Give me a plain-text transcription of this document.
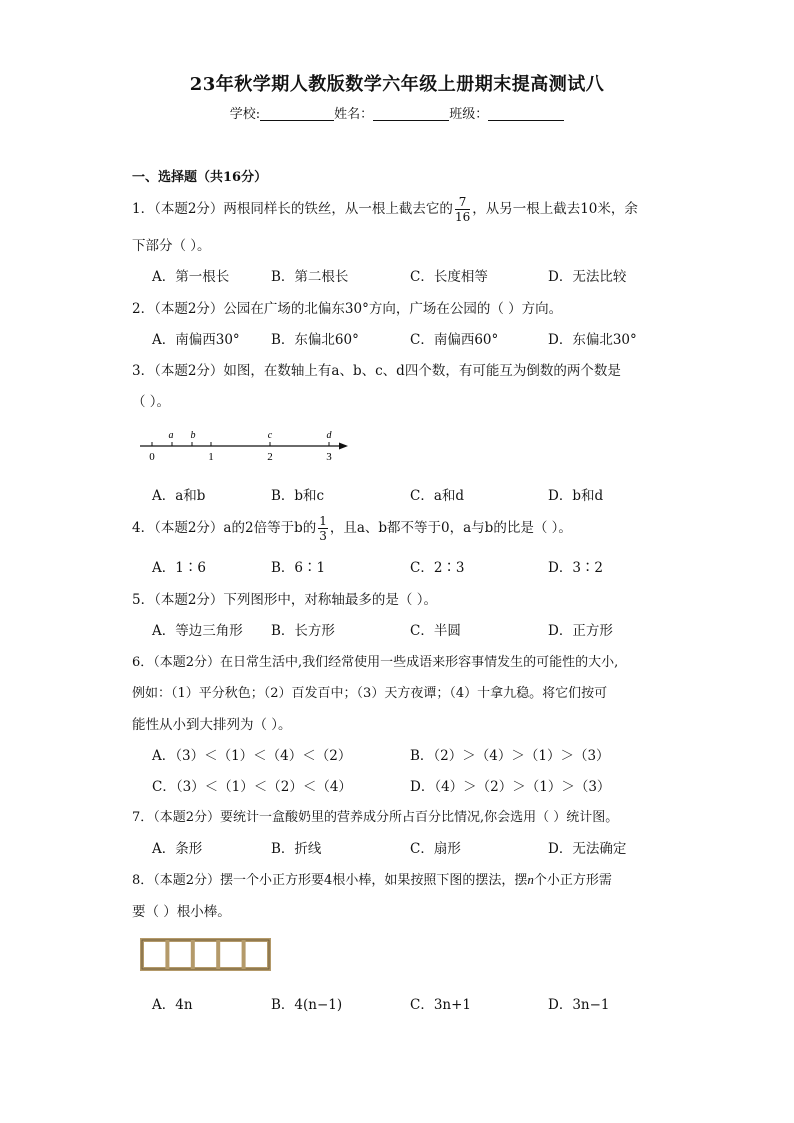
23年秋学期人教版数学六年级上册期末提高测试八
学校:	姓名：	班级：
一、选择题（共16分）
1．（本题2分）两根同样长的铁丝，从一根上截去它的 $\frac{7}{16}$ ，从另一根上截去10米，余
下部分（ ）。
A．第一根长	B．第二根长	C．长度相等	D．无法比较
2．（本题2分）公园在广场的北偏东30°方向，广场在公园的（ ）方向。
A．南偏西30° B．东偏北60°	C．南偏西60°	D．东偏北30°
3．（本题2分）如图，在数轴上有a、b、c、d四个数，有可能互为倒数的两个数是
（ ）。
a b	c	d
0	1	2	3
A．a和b	B．b和c	C．a和d	D．b和d
4．（本题2分）a的2倍等于b的 $\frac{1}{3}$ ，且a、b都不等于0，a与b的比是（ ）。
A．1∶6	B．6∶1	C．2∶3	D．3∶2
5．（本题2分）下列图形中，对称轴最多的是（ ）。
A．等边三角形 B．长方形	C．半圆	D．正方形
6．（本题2分）在日常生活中,我们经常使用一些成语来形容事情发生的可能性的大小,
例如：（1）平分秋色；（2）百发百中；（3）天方夜谭；（4）十拿九稳。将它们按可
能性从小到大排列为（ ）。
A．（3）＜（1）＜（4）＜（2）	B．（2）＞（4）＞（1）＞（3）
C．（3）＜（1）＜（2）＜（4）	D．（4）＞（2）＞（1）＞（3）
7．（本题2分）要统计一盒酸奶里的营养成分所占百分比情况,你会选用（ ）统计图。
A．条形	B．折线	C．扇形	D．无法确定
8．（本题2分）摆一个小正方形要4根小棒，如果按照下图的摆法，摆n个小正方形需
要（ ）根小棒。
A．4n	B．4(n−1)	C．3n+1	D．3n−1
